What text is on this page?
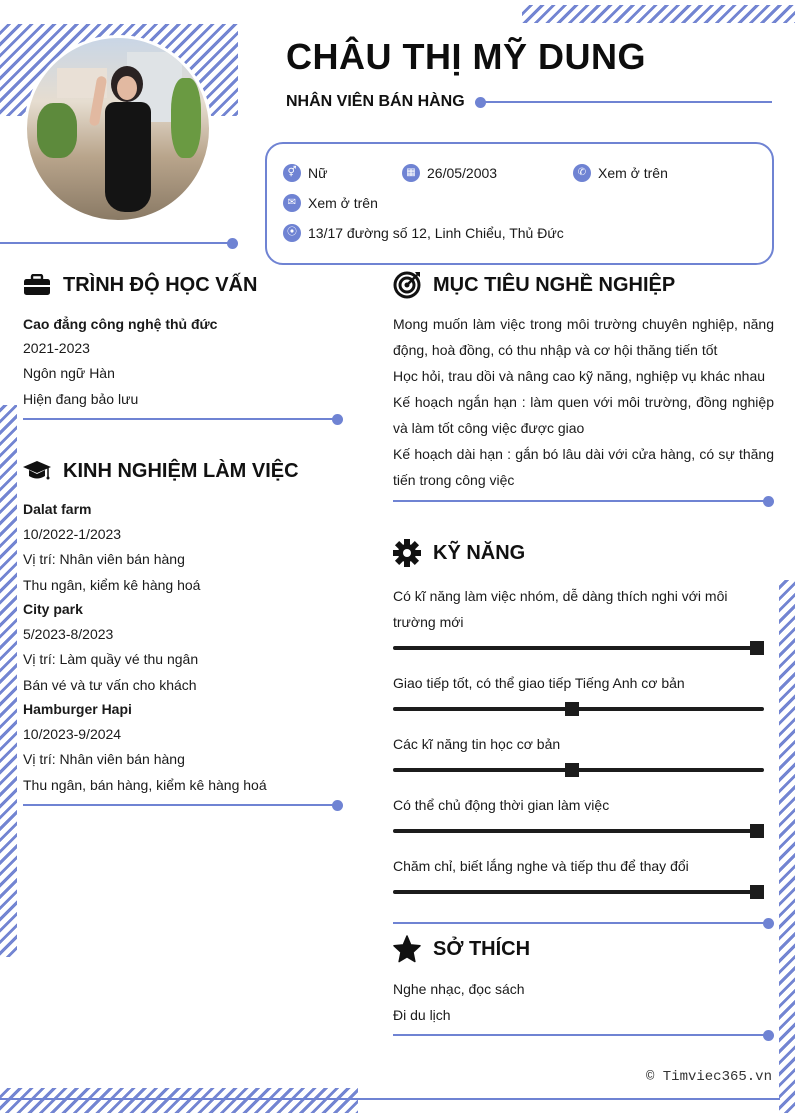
CHÂU THỊ MỸ DUNG
NHÂN VIÊN BÁN HÀNG
⚥ Nữ	▦ 26/05/2003	✆ Xem ở trên
✉ Xem ở trên
⦿ 13/17 đường số 12, Linh Chiểu, Thủ Đức
TRÌNH ĐỘ HỌC VẤN
Cao đẳng công nghệ thủ đức
2021-2023
Ngôn ngữ Hàn
Hiện đang bảo lưu
KINH NGHIỆM LÀM VIỆC
Dalat farm
10/2022-1/2023
Vị trí: Nhân viên bán hàng
Thu ngân, kiểm kê hàng hoá
City park
5/2023-8/2023
Vị trí: Làm quầy vé thu ngân
Bán vé và tư vấn cho khách
Hamburger Hapi
10/2023-9/2024
Vị trí: Nhân viên bán hàng
Thu ngân, bán hàng, kiểm kê hàng hoá
MỤC TIÊU NGHỀ NGHIỆP
Mong muốn làm việc trong môi trường chuyên nghiệp, năng động, hoà đồng, có thu nhập và cơ hội thăng tiến tốt
Học hỏi, trau dồi và nâng cao kỹ năng, nghiệp vụ khác nhau
Kế hoạch ngắn hạn : làm quen với môi trường, đồng nghiệp và làm tốt công việc được giao
Kế hoạch dài hạn : gắn bó lâu dài với cửa hàng, có sự thăng tiến trong công việc
KỸ NĂNG
Có kĩ năng làm việc nhóm, dễ dàng thích nghi với môi trường mới
Giao tiếp tốt, có thể giao tiếp Tiếng Anh cơ bản
Các kĩ năng tin học cơ bản
Có thể chủ động thời gian làm việc
Chăm chỉ, biết lắng nghe và tiếp thu để thay đổi
SỞ THÍCH
Nghe nhạc, đọc sách
Đi du lịch
© Timviec365.vn
